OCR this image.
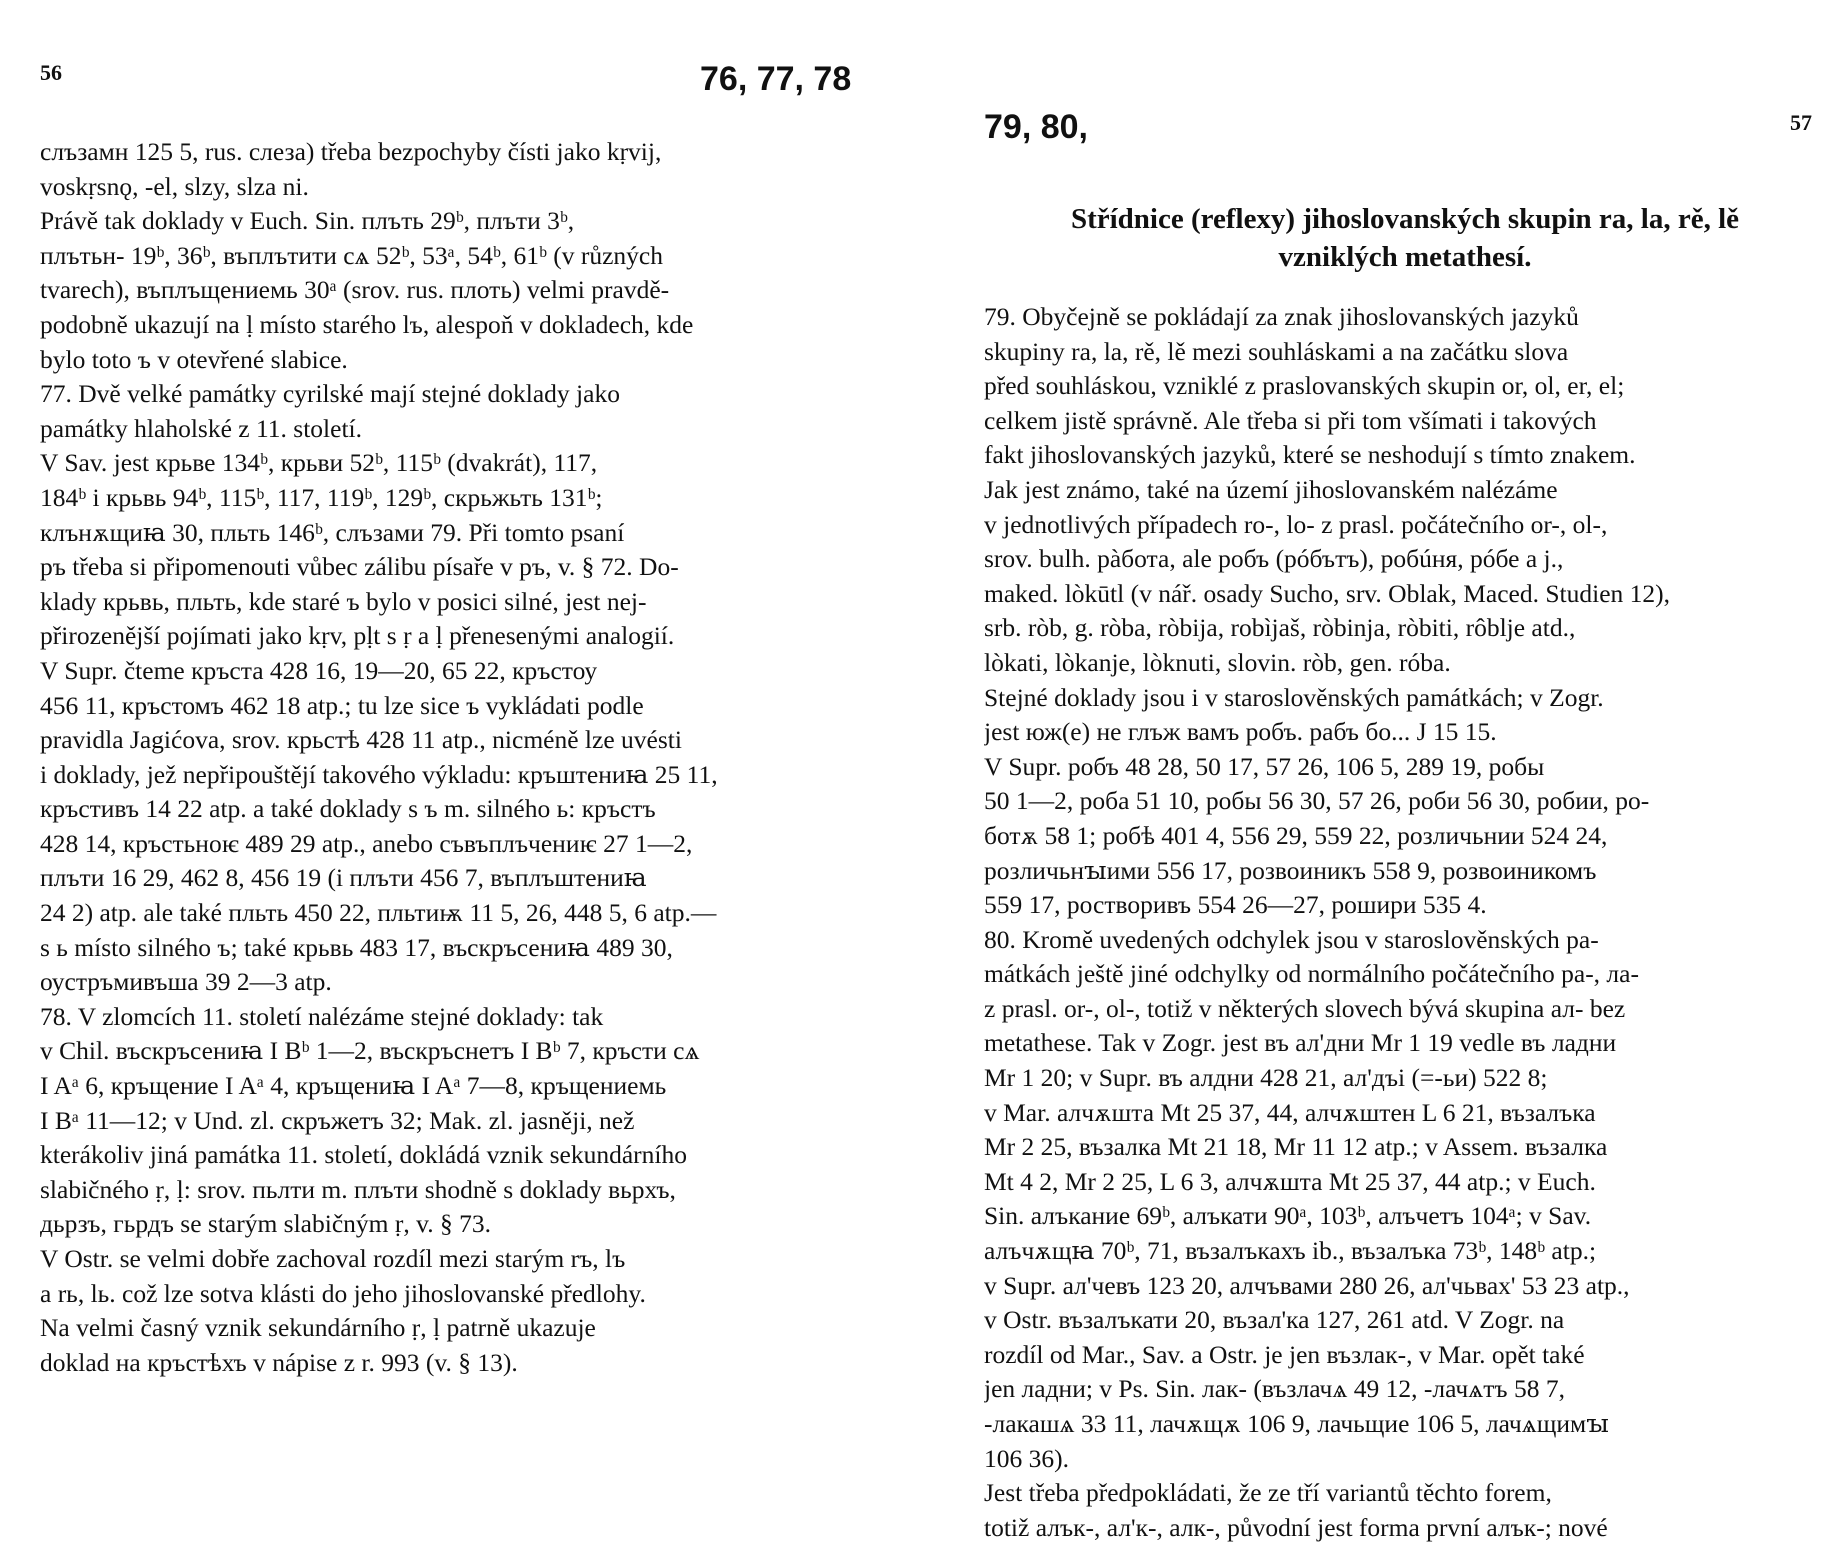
56	76, 77, 78
слъзамн 125 5, rus. слеза) třeba bezpochyby čísti jako kṛvij,
voskṛsnǫ, -el, slzy, slza ni.
Právě tak doklady v Euch. Sin. плъть 29ᵇ, плъти 3ᵇ,
плътьн- 19ᵇ, 36ᵇ, въплътити сѧ 52ᵇ, 53ᵃ, 54ᵇ, 61ᵇ (v různých
tvarech), въплъщениемь 30ᵃ (srov. rus. плоть) velmi pravdě-
podobně ukazují na ḷ místo starého lъ, alespoň v dokladech, kde
bylo toto ъ v otevřené slabice.
77. Dvě velké památky cyrilské mají stejné doklady jako
památky hlaholské z 11. století.
V Sav. jest крьве 134ᵇ, крьви 52ᵇ, 115ᵇ (dvakrát), 117,
184ᵇ i крьвь 94ᵇ, 115ᵇ, 117, 119ᵇ, 129ᵇ, скрьжьть 131ᵇ;
клънѫщиꙗ 30, пльть 146ᵇ, слъзами 79. Při tomto psaní
ръ třeba si připomenouti vůbec zálibu písaře v ръ, v. § 72. Do-
klady крьвь, пльть, kde staré ъ bylo v posici silné, jest nej-
přirozenější pojímati jako kṛv, pḷt s ṛ a ḷ přenesenými analogií.
V Supr. čteme кръста 428 16, 19—20, 65 22, кръстоу
456 11, кръстомъ 462 18 atp.; tu lze sice ъ vykládati podle
pravidla Jagićova, srov. крьстѣ 428 11 atp., nicméně lze uvésti
i doklady, jež nepřipouštějí takového výkladu: кръштениꙗ 25 11,
кръстивъ 14 22 atp. a také doklady s ъ m. silného ь: кръстъ
428 14, кръстьноѥ 489 29 atp., anebo съвъплъчениѥ 27 1—2,
плъти 16 29, 462 8, 456 19 (i плъти 456 7, въплъштениꙗ
24 2) atp. ale také пльть 450 22, пльтиѭ 11 5, 26, 448 5, 6 atp.—
s ь místo silného ъ; také крьвь 483 17, въскръсениꙗ 489 30,
оустръмивъша 39 2—3 atp.
78. V zlomcích 11. století nalézáme stejné doklady: tak
v Chil. въскръсениꙗ I Bᵇ 1—2, въскръснетъ I Bᵇ 7, кръсти сѧ
I Aᵃ 6, кръщение I Aᵃ 4, кръщениꙗ I Aᵃ 7—8, кръщениемь
I Bᵃ 11—12; v Und. zl. скръжетъ 32; Mak. zl. jasněji, než
kterákoliv jiná památka 11. století, dokládá vznik sekundárního
slabičného ṛ, ḷ: srov. пьлти m. плъти shodně s doklady вьрхъ,
дьрзъ, гьрдъ se starým slabičným ṛ, v. § 73.
V Ostr. se velmi dobře zachoval rozdíl mezi starým rъ, lъ
a rь, lь. což lze sotva klásti do jeho jihoslovanské předlohy.
Na velmi časný vznik sekundárního ṛ, ḷ patrně ukazuje
doklad на кръстѣхъ v nápise z r. 993 (v. § 13).
79, 80,	57
Střídnice (reflexy) jihoslovanských skupin ra, la, rě, lě
vzniklých metathesí.
79. Obyčejně se pokládají za znak jihoslovanských jazyků
skupiny ra, la, rě, lě mezi souhláskami a na začátku slova
před souhláskou, vzniklé z praslovanských skupin or, ol, er, el;
celkem jistě správně. Ale třeba si při tom všímati i takových
fakt jihoslovanských jazyků, které se neshodují s tímto znakem.
Jak jest známo, také na území jihoslovanském nalézáme
v jednotlivých případech ro-, lo- z prasl. počátečního or-, ol-,
srov. bulh. pàбота, ale робъ (рóбътъ), робúня, рóбе a j.,
maked. lòkūtl (v nář. osady Sucho, srv. Oblak, Maced. Studien 12),
srb. ròb, g. ròba, ròbija, robìjaš, ròbinja, ròbiti, rôblje atd.,
lòkati, lòkanje, lòknuti, slovin. ròb, gen. róba.
Stejné doklady jsou i v staroslověnských památkách; v Zogr.
jest юж(е) не глъж вамъ робъ. рабъ бо... J 15 15.
V Supr. робъ 48 28, 50 17, 57 26, 106 5, 289 19, робы
50 1—2, роба 51 10, робы 56 30, 57 26, роби 56 30, робии, ро-
ботѫ 58 1; робѣ 401 4, 556 29, 559 22, розличьнии 524 24,
розличьнꙑими 556 17, розвоиникъ 558 9, розвоиникомъ
559 17, ростворивъ 554 26—27, рошири 535 4.
80. Kromě uvedených odchylek jsou v staroslověnských pa-
mátkách ještě jiné odchylky od normálního počátečního ра-, ла-
z prasl. or-, ol-, totiž v některých slovech bývá skupina ал- bez
metathese. Tak v Zogr. jest въ ал'дни Mr 1 19 vedle въ ладни
Mr 1 20; v Supr. въ алдни 428 21, ал'дъі (=-ьи) 522 8;
v Mar. алчѫшта Mt 25 37, 44, алчѫштен L 6 21, възалъка
Mr 2 25, възалка Mt 21 18, Mr 11 12 atp.; v Assem. възалка
Mt 4 2, Mr 2 25, L 6 3, алчѫшта Mt 25 37, 44 atp.; v Euch.
Sin. алъканиe 69ᵇ, алъкати 90ᵃ, 103ᵇ, алъчетъ 104ᵃ; v Sav.
алъчѫщꙗ 70ᵇ, 71, възалъкахъ ib., възалъка 73ᵇ, 148ᵇ atp.;
v Supr. ал'чевъ 123 20, алчъвами 280 26, ал'чьвах' 53 23 atp.,
v Ostr. възалъкати 20, възал'ка 127, 261 atd. V Zogr. na
rozdíl od Mar., Sav. a Ostr. je jen възлак-, v Mar. opět také
jen ладни; v Ps. Sin. лак- (възлачѧ 49 12, -лачѧтъ 58 7,
-лакашѧ 33 11, лачѫщѫ 106 9, лачьщие 106 5, лачѧщимꙑ
106 36).
Jest třeba předpokládati, že ze tří variantů těchto forem,
totiž алък-, ал'к-, алк-, původní jest forma první алък-; nové
